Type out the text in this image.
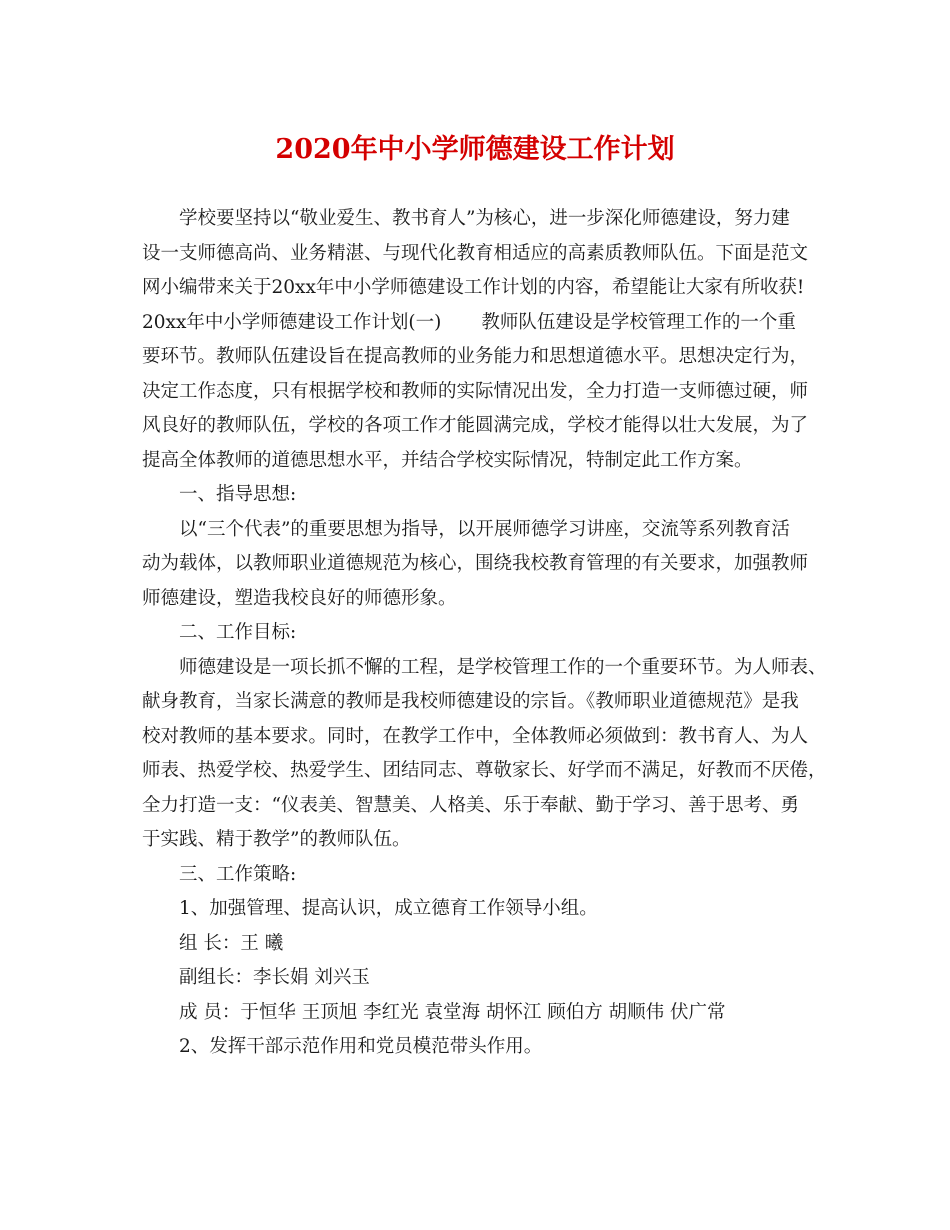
2020年中小学师德建设工作计划
学校要坚持以“敬业爱生、教书育人”为核心，进一步深化师德建设，努力建
设一支师德高尚、业务精湛、与现代化教育相适应的高素质教师队伍。下面是范文
网小编带来关于20xx年中小学师德建设工作计划的内容，希望能让大家有所收获!
20xx年中小学师德建设工作计划(一) 教师队伍建设是学校管理工作的一个重
要环节。教师队伍建设旨在提高教师的业务能力和思想道德水平。思想决定行为，
决定工作态度，只有根据学校和教师的实际情况出发，全力打造一支师德过硬，师
风良好的教师队伍，学校的各项工作才能圆满完成，学校才能得以壮大发展，为了
提高全体教师的道德思想水平，并结合学校实际情况，特制定此工作方案。
一、指导思想:
以“三个代表”的重要思想为指导，以开展师德学习讲座，交流等系列教育活
动为载体，以教师职业道德规范为核心，围绕我校教育管理的有关要求，加强教师
师德建设，塑造我校良好的师德形象。
二、工作目标:
师德建设是一项长抓不懈的工程，是学校管理工作的一个重要环节。为人师表、
献身教育，当家长满意的教师是我校师德建设的宗旨。《教师职业道德规范》是我
校对教师的基本要求。同时，在教学工作中，全体教师必须做到：教书育人、为人
师表、热爱学校、热爱学生、团结同志、尊敬家长、好学而不满足，好教而不厌倦，
全力打造一支：“仪表美、智慧美、人格美、乐于奉献、勤于学习、善于思考、勇
于实践、精于教学”的教师队伍。
三、工作策略:
1、加强管理、提高认识，成立德育工作领导小组。
组 长：王 曦
副组长：李长娟 刘兴玉
成 员：于恒华 王顶旭 李红光 袁堂海 胡怀江 顾伯方 胡顺伟 伏广常
2、发挥干部示范作用和党员模范带头作用。
